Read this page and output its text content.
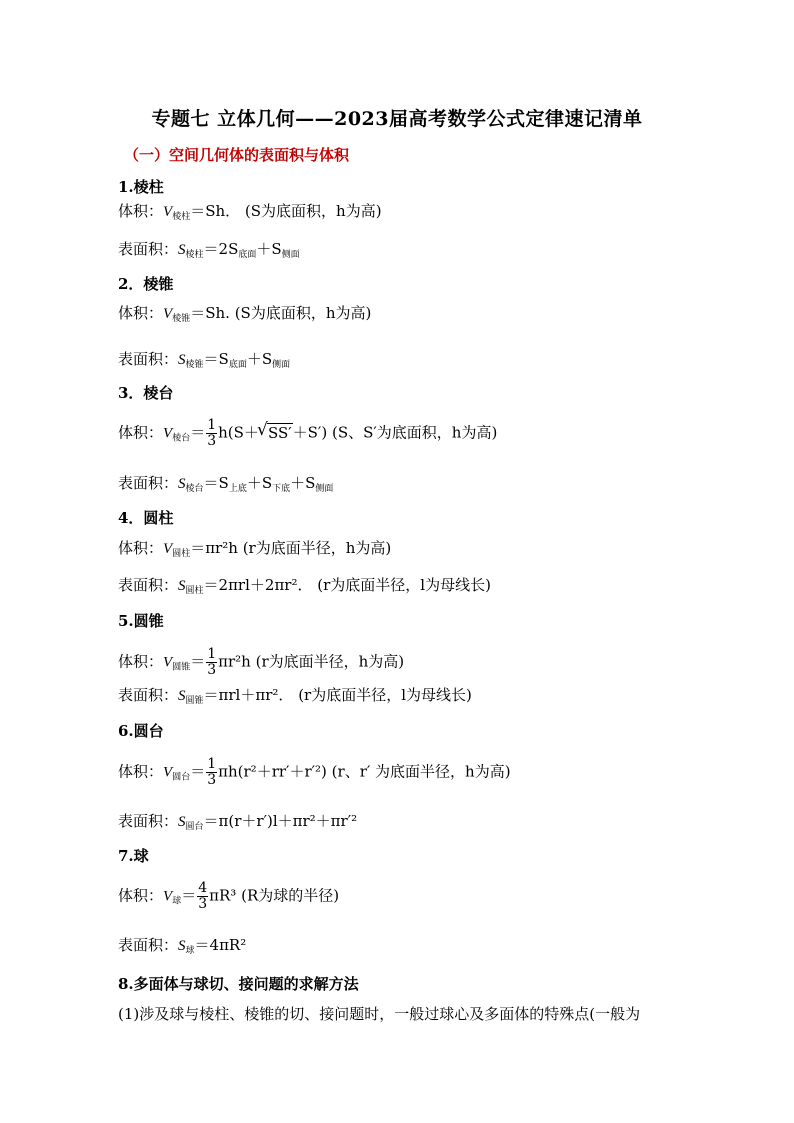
专题七 立体几何——2023届高考数学公式定律速记清单
（一）空间几何体的表面积与体积
1.棱柱
体积：$V_{棱柱}=Sh$． (S为底面积，h为高)
表面积：$S_{棱柱}=2S_{底面}+S_{侧面}$
2．棱锥
体积：$V_{棱锥}=Sh$. (S为底面积，h为高)
表面积：$S_{棱锥}=S_{底面}+S_{侧面}$
3．棱台
体积：$V_{棱台}= \frac{1}{3} h(S+√$ SS′＋S′) (S、S′为底面积，h为高)
表面积：$S_{棱台}=S_{上底}+S_{下底}+S_{侧面}$
4．圆柱
体积：$V_{圆柱}=\pi r^2h$ (r为底面半径，h为高)
表面积：$S_{圆柱}=2\pi rl+2\pi r^2$． (r为底面半径，l为母线长)
5.圆锥
体积：$V_{圆锥}= \frac{1}{3} \pi r^2h$ (r为底面半径，h为高)
表面积：$S_{圆锥}=\pi rl+\pi r^2$． (r为底面半径，l为母线长)
6.圆台
体积：$V_{圆台}= \frac{1}{3} \pi h(r^2+rr'+r'^2)$ (r、r′ 为底面半径，h为高)
表面积：$S_{圆台}=\pi(r+r')l+\pi r^2+\pi r'^2$
7.球
体积：$V_球= \frac{4}{3} \pi R^3$ (R为球的半径)
表面积：$S_球=4\pi R^2$
8.多面体与球切、接问题的求解方法
(1)涉及球与棱柱、棱锥的切、接问题时，一般过球心及多面体的特殊点(一般为
